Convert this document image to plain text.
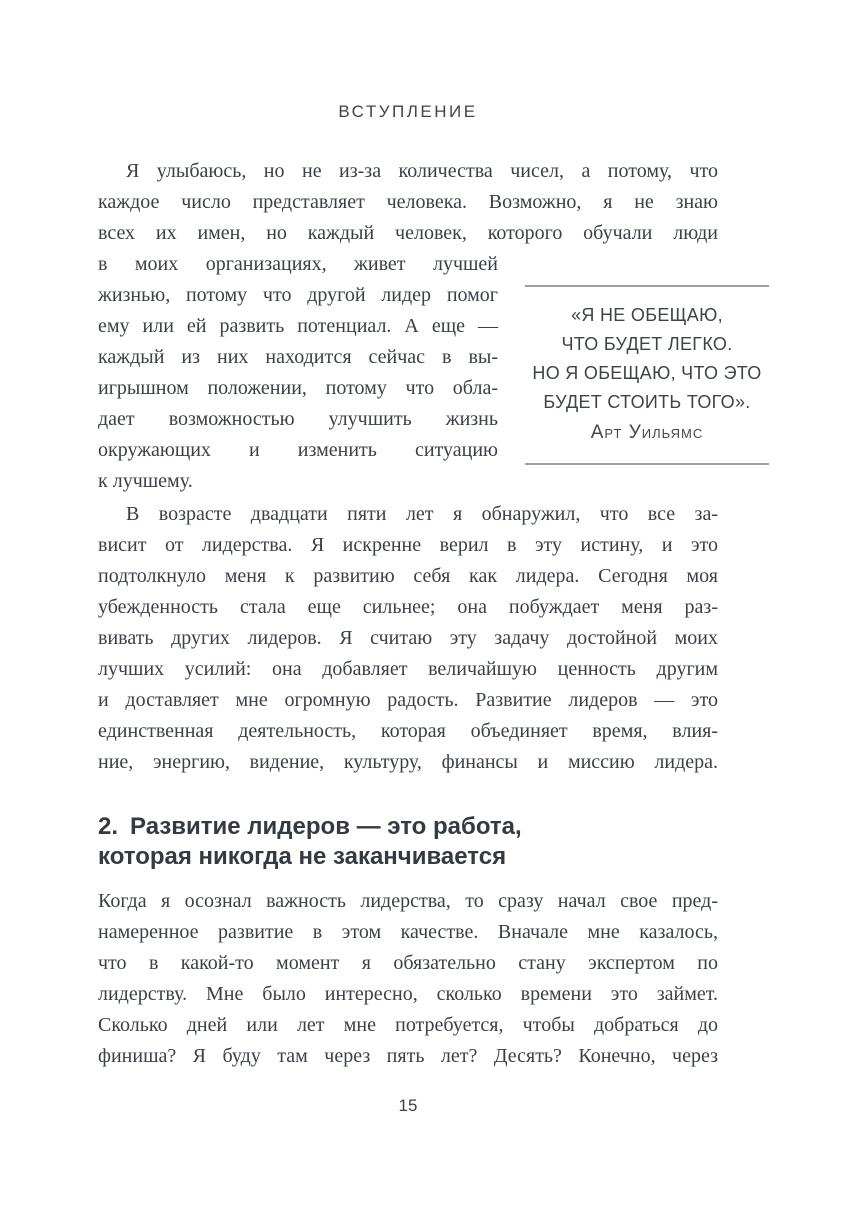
ВСТУПЛЕНИЕ
Я улыбаюсь, но не из-за количества чисел, а потому, что
каждое число представляет человека. Возможно, я не знаю
всех их имен, но каждый человек, которого обучали люди
«Я НЕ ОБЕЩАЮ,
ЧТО БУДЕТ ЛЕГКО.
НО Я ОБЕЩАЮ, ЧТО ЭТО
БУДЕТ СТОИТЬ ТОГО».
Арт Уильямс
в моих организациях, живет лучшей
жизнью, потому что другой лидер помог
ему или ей развить потенциал. А еще —
каждый из них находится сейчас в вы-
игрышном положении, потому что обла-
дает возможностью улучшить жизнь
окружающих и изменить ситуацию
к лучшему.
В возрасте двадцати пяти лет я обнаружил, что все за-
висит от лидерства. Я искренне верил в эту истину, и это
подтолкнуло меня к развитию себя как лидера. Сегодня моя
убежденность стала еще сильнее; она побуждает меня раз-
вивать других лидеров. Я считаю эту задачу достойной моих
лучших усилий: она добавляет величайшую ценность другим
и доставляет мне огромную радость. Развитие лидеров — это
единственная деятельность, которая объединяет время, влия-
ние, энергию, видение, культуру, финансы и миссию лидера.
2. Развитие лидеров — это работа,
которая никогда не заканчивается
Когда я осознал важность лидерства, то сразу начал свое пред-
намеренное развитие в этом качестве. Вначале мне казалось,
что в какой-то момент я обязательно стану экспертом по
лидерству. Мне было интересно, сколько времени это займет.
Сколько дней или лет мне потребуется, чтобы добраться до
финиша? Я буду там через пять лет? Десять? Конечно, через
15
